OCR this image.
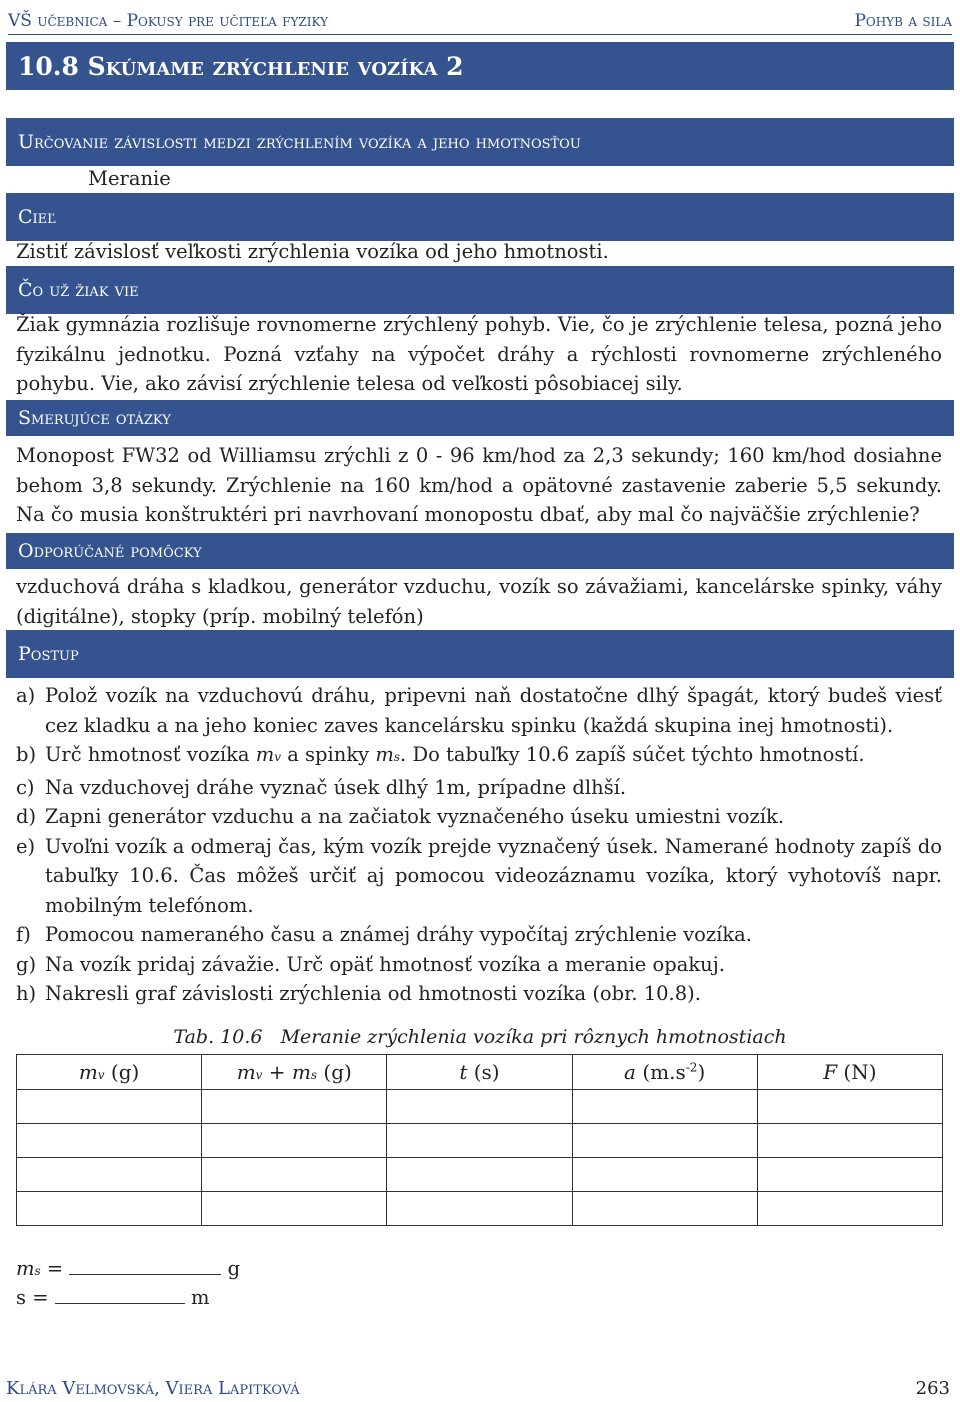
VŠ učebnica – Pokusy pre učiteľa fyziky	Pohyb a sila
10.8 Skúmame zrýchlenie vozíka 2
Určovanie závislosti medzi zrýchlením vozíka a jeho hmotnosťou
Meranie
Cieľ

Zistiť závislosť veľkosti zrýchlenia vozíka od jeho hmotnosti.

Čo už žiak vie

Žiak gymnázia rozlišuje rovnomerne zrýchlený pohyb. Vie, čo je zrýchlenie telesa, pozná jeho fyzikálnu jednotku. Pozná vzťahy na výpočet dráhy a rýchlosti rovnomerne zrýchleného pohybu. Vie, ako závisí zrýchlenie telesa od veľkosti pôsobiacej sily.

Smerujúce otázky

Monopost FW32 od Williamsu zrýchli z 0 - 96 km/hod za 2,3 sekundy; 160 km/hod dosiahne behom 3,8 sekundy. Zrýchlenie na 160 km/hod a opätovné zastavenie zaberie 5,5 sekundy. Na čo musia konštruktéri pri navrhovaní monopostu dbať, aby mal čo najväčšie zrýchlenie?

Odporúčané pomôcky

vzduchová dráha s kladkou, generátor vzduchu, vozík so závažiami, kancelárske spinky, váhy (digitálne), stopky (príp. mobilný telefón)

Postup
a) Polož vozík na vzduchovú dráhu, pripevni naň dostatočne dlhý špagát, ktorý budeš viesť cez kladku a na jeho koniec zaves kancelársku spinku (každá skupina inej hmotnosti).
b) Urč hmotnosť vozíka mv a spinky ms. Do tabuľky 10.6 zapíš súčet týchto hmotností.
c) Na vzduchovej dráhe vyznač úsek dlhý 1m, prípadne dlhší.
d) Zapni generátor vzduchu a na začiatok vyznačeného úseku umiestni vozík.
e) Uvoľni vozík a odmeraj čas, kým vozík prejde vyznačený úsek. Namerané hodnoty zapíš do tabuľky 10.6. Čas môžeš určiť aj pomocou videozáznamu vozíka, ktorý vyhotovíš napr. mobilným telefónom.
f) Pomocou nameraného času a známej dráhy vypočítaj zrýchlenie vozíka.
g) Na vozík pridaj závažie. Urč opäť hmotnosť vozíka a meranie opakuj.
h) Nakresli graf závislosti zrýchlenia od hmotnosti vozíka (obr. 10.8).
Tab. 10.6 Meranie zrýchlenia vozíka pri rôznych hmotnostiach
mv (g)	mv + ms (g)	t (s)	a $(m.s^{-2})$	F (N)

ms =	g
s =	m
Klára Velmovská, Viera Lapitková	263
